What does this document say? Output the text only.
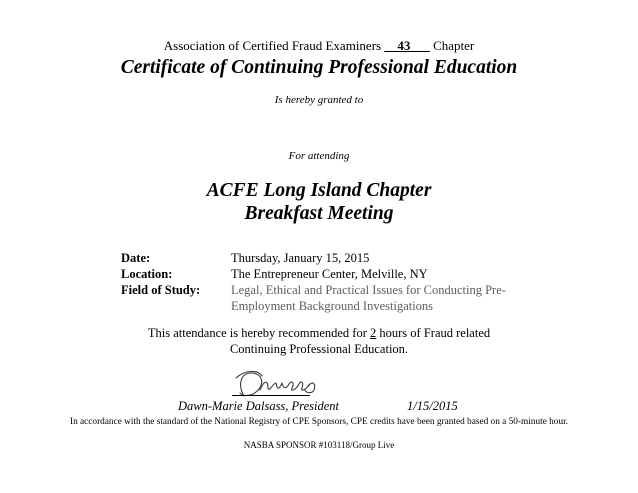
Association of Certified Fraud Examiners __43___ Chapter
Certificate of Continuing Professional Education
Is hereby granted to
For attending
ACFE Long Island Chapter
Breakfast Meeting
Date:	Thursday, January 15, 2015
Location:	The Entrepreneur Center, Melville, NY
Field of Study: Legal, Ethical and Practical Issues for Conducting Pre-
Employment Background Investigations
This attendance is hereby recommended for 2 hours of Fraud related
Continuing Professional Education.
Dawn-Marie Dalsass, President	1/15/2015
In accordance with the standard of the National Registry of CPE Sponsors, CPE credits have been granted based on a 50-minute hour.
NASBA SPONSOR #103118/Group Live
